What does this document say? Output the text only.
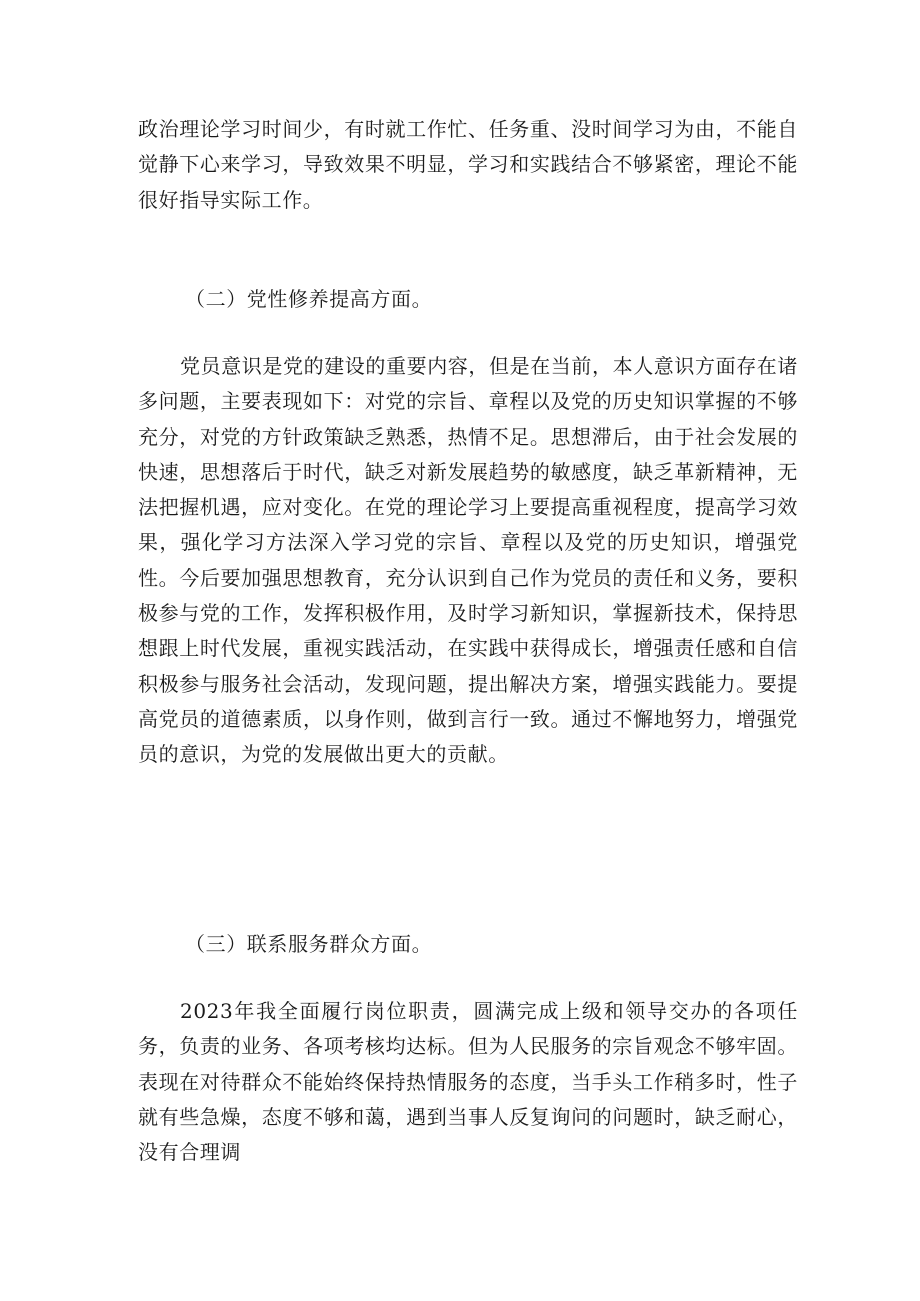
政治理论学习时间少，有时就工作忙、任务重、没时间学习为由，不能自觉静下心来学习，导致效果不明显，学习和实践结合不够紧密，理论不能很好指导实际工作。

（二）党性修养提高方面。

党员意识是党的建设的重要内容，但是在当前，本人意识方面存在诸多问题，主要表现如下：对党的宗旨、章程以及党的历史知识掌握的不够充分，对党的方针政策缺乏熟悉，热情不足。思想滞后，由于社会发展的快速，思想落后于时代，缺乏对新发展趋势的敏感度，缺乏革新精神，无法把握机遇，应对变化。在党的理论学习上要提高重视程度，提高学习效果，强化学习方法深入学习党的宗旨、章程以及党的历史知识，增强党性。今后要加强思想教育，充分认识到自己作为党员的责任和义务，要积极参与党的工作，发挥积极作用，及时学习新知识，掌握新技术，保持思想跟上时代发展，重视实践活动，在实践中获得成长，增强责任感和自信积极参与服务社会活动，发现问题，提出解决方案，增强实践能力。要提高党员的道德素质，以身作则，做到言行一致。通过不懈地努力，增强党员的意识，为党的发展做出更大的贡献。

（三）联系服务群众方面。

2023年我全面履行岗位职责，圆满完成上级和领导交办的各项任务，负责的业务、各项考核均达标。但为人民服务的宗旨观念不够牢固。表现在对待群众不能始终保持热情服务的态度，当手头工作稍多时，性子就有些急燥，态度不够和蔼，遇到当事人反复询问的问题时，缺乏耐心，没有合理调
